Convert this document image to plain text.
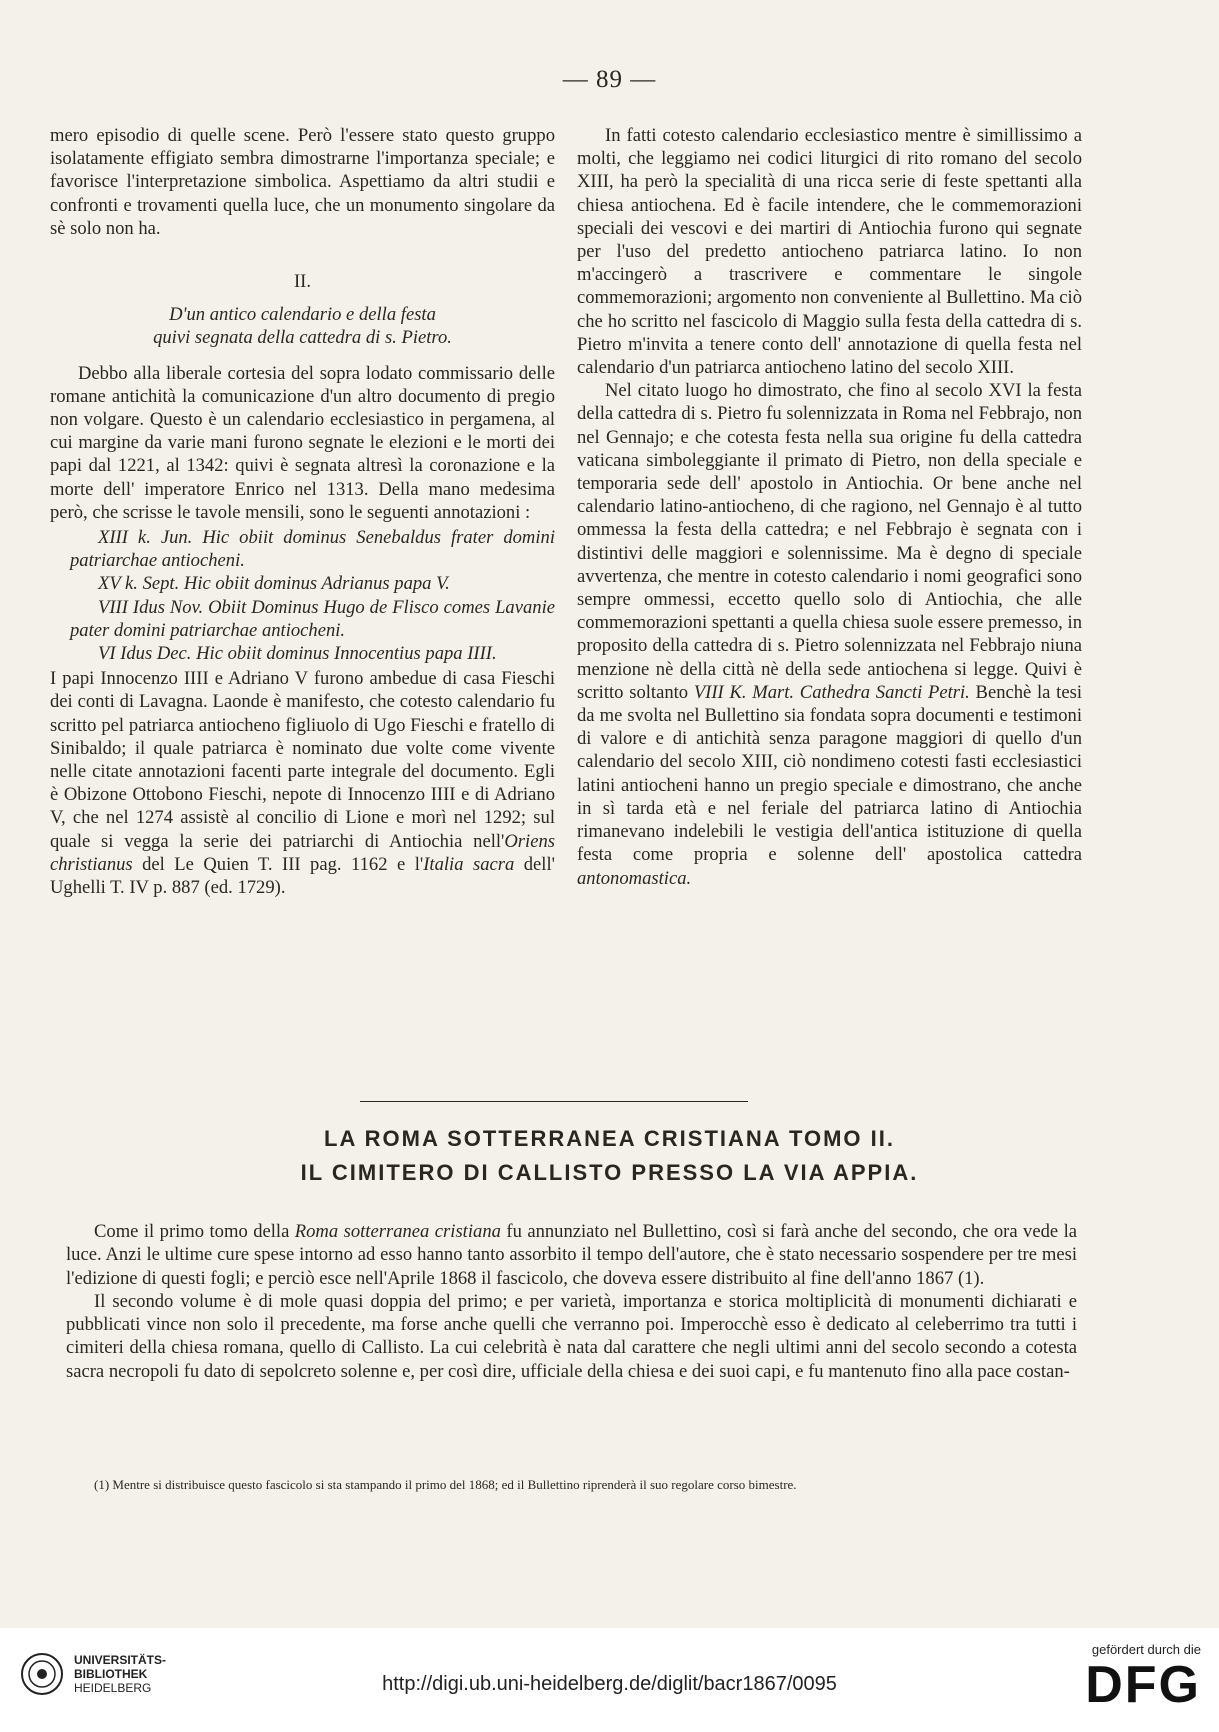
— 89 —

mero episodio di quelle scene. Però l'essere stato questo gruppo isolatamente effigiato sembra dimostrarne l'importanza speciale; e favorisce l'interpretazione simbolica. Aspettiamo da altri studii e confronti e trovamenti quella luce, che un monumento singolare da sè solo non ha.

II.
D'un antico calendario e della festa
quivi segnata della cattedra di s. Pietro.

Debbo alla liberale cortesia del sopra lodato commissario delle romane antichità la comunicazione d'un altro documento di pregio non volgare. Questo è un calendario ecclesiastico in pergamena, al cui margine da varie mani furono segnate le elezioni e le morti dei papi dal 1221, al 1342: quivi è segnata altresì la coronazione e la morte dell' imperatore Enrico nel 1313. Della mano medesima però, che scrisse le tavole mensili, sono le seguenti annotazioni :

XIII k. Jun. Hic obiit dominus Senebaldus frater domini patriarchae antiocheni.

XV k. Sept. Hic obiit dominus Adrianus papa V.

VIII Idus Nov. Obiit Dominus Hugo de Flisco comes Lavanie pater domini patriarchae antiocheni.

VI Idus Dec. Hic obiit dominus Innocentius papa IIII.

I papi Innocenzo IIII e Adriano V furono ambedue di casa Fieschi dei conti di Lavagna. Laonde è manifesto, che cotesto calendario fu scritto pel patriarca antiocheno figliuolo di Ugo Fieschi e fratello di Sinibaldo; il quale patriarca è nominato due volte come vivente nelle citate annotazioni facenti parte integrale del documento. Egli è Obizone Ottobono Fieschi, nepote di Innocenzo IIII e di Adriano V, che nel 1274 assistè al concilio di Lione e morì nel 1292; sul quale si vegga la serie dei patriarchi di Antiochia nell'Oriens christianus del Le Quien T. III pag. 1162 e l'Italia sacra dell' Ughelli T. IV p. 887 (ed. 1729).

In fatti cotesto calendario ecclesiastico mentre è simillissimo a molti, che leggiamo nei codici liturgici di rito romano del secolo XIII, ha però la specialità di una ricca serie di feste spettanti alla chiesa antiochena. Ed è facile intendere, che le commemorazioni speciali dei vescovi e dei martiri di Antiochia furono qui segnate per l'uso del predetto antiocheno patriarca latino. Io non m'accingerò a trascrivere e commentare le singole commemorazioni; argomento non conveniente al Bullettino. Ma ciò che ho scritto nel fascicolo di Maggio sulla festa della cattedra di s. Pietro m'invita a tenere conto dell' annotazione di quella festa nel calendario d'un patriarca antiocheno latino del secolo XIII.

Nel citato luogo ho dimostrato, che fino al secolo XVI la festa della cattedra di s. Pietro fu solennizzata in Roma nel Febbrajo, non nel Gennajo; e che cotesta festa nella sua origine fu della cattedra vaticana simboleggiante il primato di Pietro, non della speciale e temporaria sede dell' apostolo in Antiochia. Or bene anche nel calendario latino-antiocheno, di che ragiono, nel Gennajo è al tutto ommessa la festa della cattedra; e nel Febbrajo è segnata con i distintivi delle maggiori e solennissime. Ma è degno di speciale avvertenza, che mentre in cotesto calendario i nomi geografici sono sempre ommessi, eccetto quello solo di Antiochia, che alle commemorazioni spettanti a quella chiesa suole essere premesso, in proposito della cattedra di s. Pietro solennizzata nel Febbrajo niuna menzione nè della città nè della sede antiochena si legge. Quivi è scritto soltanto VIII K. Mart. Cathedra Sancti Petri. Benchè la tesi da me svolta nel Bullettino sia fondata sopra documenti e testimoni di valore e di antichità senza paragone maggiori di quello d'un calendario del secolo XIII, ciò nondimeno cotesti fasti ecclesiastici latini antiocheni hanno un pregio speciale e dimostrano, che anche in sì tarda età e nel feriale del patriarca latino di Antiochia rimanevano indelebili le vestigia dell'antica istituzione di quella festa come propria e solenne dell' apostolica cattedra antonomastica.

LA ROMA SOTTERRANEA CRISTIANA TOMO II.
IL CIMITERO DI CALLISTO PRESSO LA VIA APPIA.

Come il primo tomo della Roma sotterranea cristiana fu annunziato nel Bullettino, così si farà anche del secondo, che ora vede la luce. Anzi le ultime cure spese intorno ad esso hanno tanto assorbito il tempo dell'autore, che è stato necessario sospendere per tre mesi l'edizione di questi fogli; e perciò esce nell'Aprile 1868 il fascicolo, che doveva essere distribuito al fine dell'anno 1867 (1).

Il secondo volume è di mole quasi doppia del primo; e per varietà, importanza e storica moltiplicità di monumenti dichiarati e pubblicati vince non solo il precedente, ma forse anche quelli che verranno poi. Imperocchè esso è dedicato al celeberrimo tra tutti i cimiteri della chiesa romana, quello di Callisto. La cui celebrità è nata dal carattere che negli ultimi anni del secolo secondo a cotesta sacra necropoli fu dato di sepolcreto solenne e, per così dire, ufficiale della chiesa e dei suoi capi, e fu mantenuto fino alla pace costan-

(1) Mentre si distribuisce questo fascicolo si sta stampando il primo del 1868; ed il Bullettino riprenderà il suo regolare corso bimestre.
UNIVERSITÄTS-
BIBLIOTHEK
HEIDELBERG	http://digi.ub.uni-heidelberg.de/diglit/bacr1867/0095
gefördert durch die
DFG
